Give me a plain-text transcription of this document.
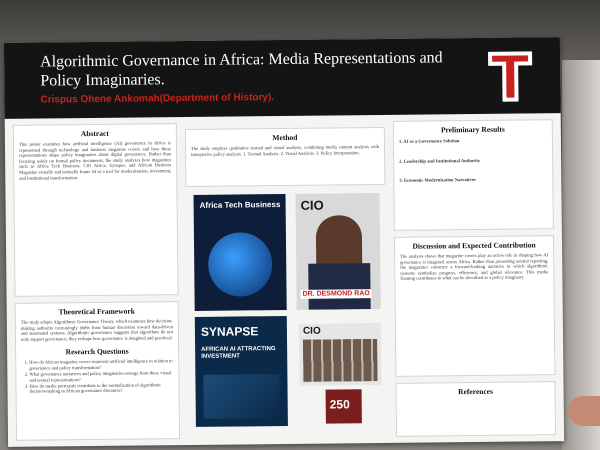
Algorithmic Governance in Africa: Media Representations and Policy Imaginaries.
Crispus Ohene Ankomah(Department of History).
Abstract
This poster examines how artificial intelligence (AI) governance in Africa is represented through technology and business magazine covers and how these representations shape policy imaginaries about digital governance. Rather than focusing solely on formal policy documents, the study analyzes how magazines such as Africa Tech Business, CIO Africa, Synapse, and African Business Magazine visually and textually frame AI as a tool for modernization, investment, and institutional transformation.
Theoretical Framework
The study adopts Algorithmic Governance Theory, which examines how decision-making authority increasingly shifts from human discretion toward data-driven and automated systems. Algorithmic governance suggests that algorithms do not only support governance; they reshape how governance is imagined and practiced.
Research Questions
1. How do African magazine covers represent artificial intelligence in relation to governance and policy transformation?
2. What governance narratives and policy imaginaries emerge from these visual and textual representations?
3. How do media portrayals contribute to the normalization of algorithmic decision-making in African governance discourse?
Method
The study employs qualitative textual and visual analysis, combining media content analysis with interpretive policy analysis. 1. Textual Analysis. 2. Visual Analysis. 3. Policy Interpretation.
Africa Tech Business CIO
DR. DESMOND RAO
SYNAPSE
AFRICAN AI ATTRACTING INVESTMENT
CIO
250
Preliminary Results
1. AI as a Governance Solution
2. Leadership and Institutional Authority
3. Economic Modernization Narratives
Discussion and Expected Contribution
The analysis shows that magazine covers play an active role in shaping how AI governance is imagined across Africa. Rather than presenting neutral reporting, the magazines construct a forward-looking narrative in which algorithmic systems symbolize progress, efficiency, and global relevance. This media framing contributes to what can be described as a policy imaginary.
References
